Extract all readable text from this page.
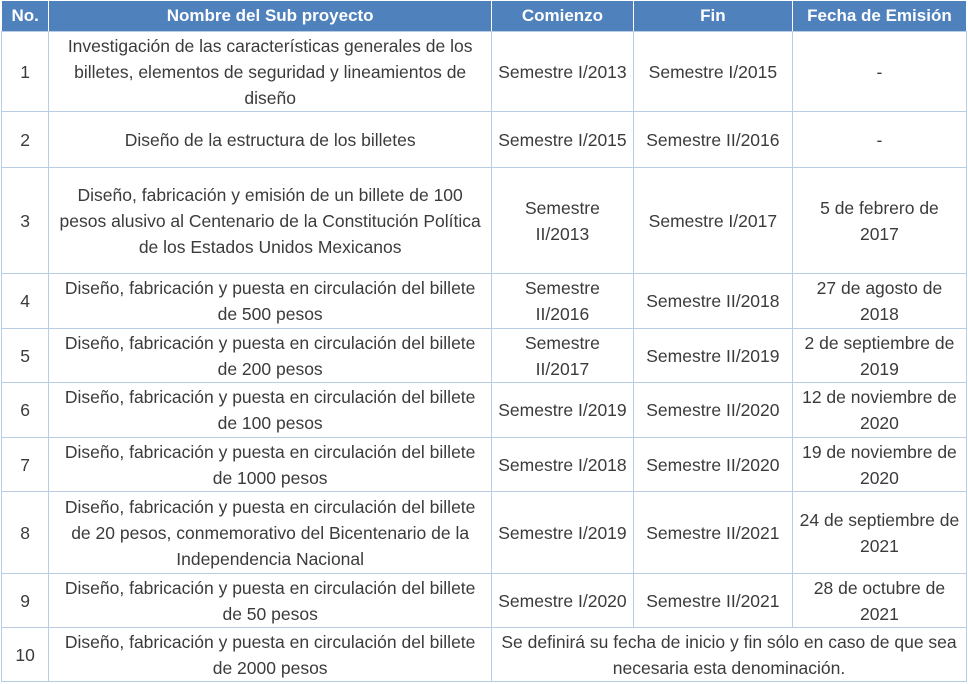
No.	Nombre del Sub proyecto	Comienzo	Fin	Fecha de Emisión
1	Investigación de las características generales de los billetes, elementos de seguridad y lineamientos de diseño	Semestre I/2013	Semestre I/2015	-
2	Diseño de la estructura de los billetes	Semestre I/2015	Semestre II/2016	-
3	Diseño, fabricación y emisión de un billete de 100 pesos alusivo al Centenario de la Constitución Política de los Estados Unidos Mexicanos	Semestre II/2013	Semestre I/2017	5 de febrero de 2017
4	Diseño, fabricación y puesta en circulación del billete de 500 pesos	Semestre II/2016	Semestre II/2018	27 de agosto de 2018
5	Diseño, fabricación y puesta en circulación del billete de 200 pesos	Semestre II/2017	Semestre II/2019	2 de septiembre de 2019
6	Diseño, fabricación y puesta en circulación del billete de 100 pesos	Semestre I/2019	Semestre II/2020	12 de noviembre de 2020
7	Diseño, fabricación y puesta en circulación del billete de 1000 pesos	Semestre I/2018	Semestre II/2020	19 de noviembre de 2020
8	Diseño, fabricación y puesta en circulación del billete de 20 pesos, conmemorativo del Bicentenario de la Independencia Nacional	Semestre I/2019	Semestre II/2021	24 de septiembre de 2021
9	Diseño, fabricación y puesta en circulación del billete de 50 pesos	Semestre I/2020	Semestre II/2021	28 de octubre de 2021
10	Diseño, fabricación y puesta en circulación del billete de 2000 pesos	Se definirá su fecha de inicio y fin sólo en caso de que sea necesaria esta denominación.		
